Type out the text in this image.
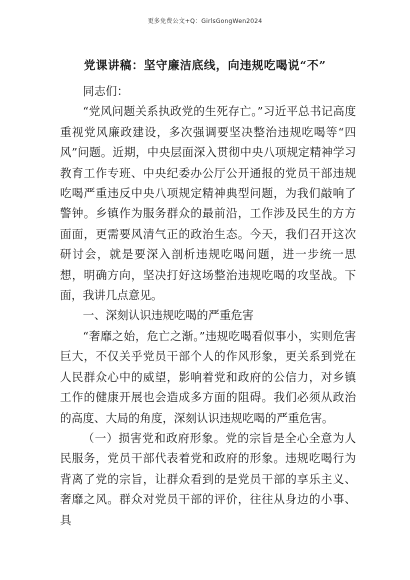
更多免费公文+Q：GirlsGongWen2024
党课讲稿：坚守廉洁底线，向违规吃喝说“不”

同志们：

“党风问题关系执政党的生死存亡。”习近平总书记高度重视党风廉政建设，多次强调要坚决整治违规吃喝等“四风”问题。近期，中央层面深入贯彻中央八项规定精神学习教育工作专班、中央纪委办公厅公开通报的党员干部违规吃喝严重违反中央八项规定精神典型问题，为我们敲响了警钟。乡镇作为服务群众的最前沿，工作涉及民生的方方面面，更需要风清气正的政治生态。今天，我们召开这次研讨会，就是要深入剖析违规吃喝问题，进一步统一思想，明确方向，坚决打好这场整治违规吃喝的攻坚战。下面，我讲几点意见。

一、深刻认识违规吃喝的严重危害

“奢靡之始，危亡之渐。”违规吃喝看似事小，实则危害巨大，不仅关乎党员干部个人的作风形象，更关系到党在人民群众心中的威望，影响着党和政府的公信力，对乡镇工作的健康开展也会造成多方面的阻碍。我们必须从政治的高度、大局的角度，深刻认识违规吃喝的严重危害。

（一）损害党和政府形象。党的宗旨是全心全意为人民服务，党员干部代表着党和政府的形象。违规吃喝行为背离了党的宗旨，让群众看到的是党员干部的享乐主义、奢靡之风。群众对党员干部的评价，往往从身边的小事、具
